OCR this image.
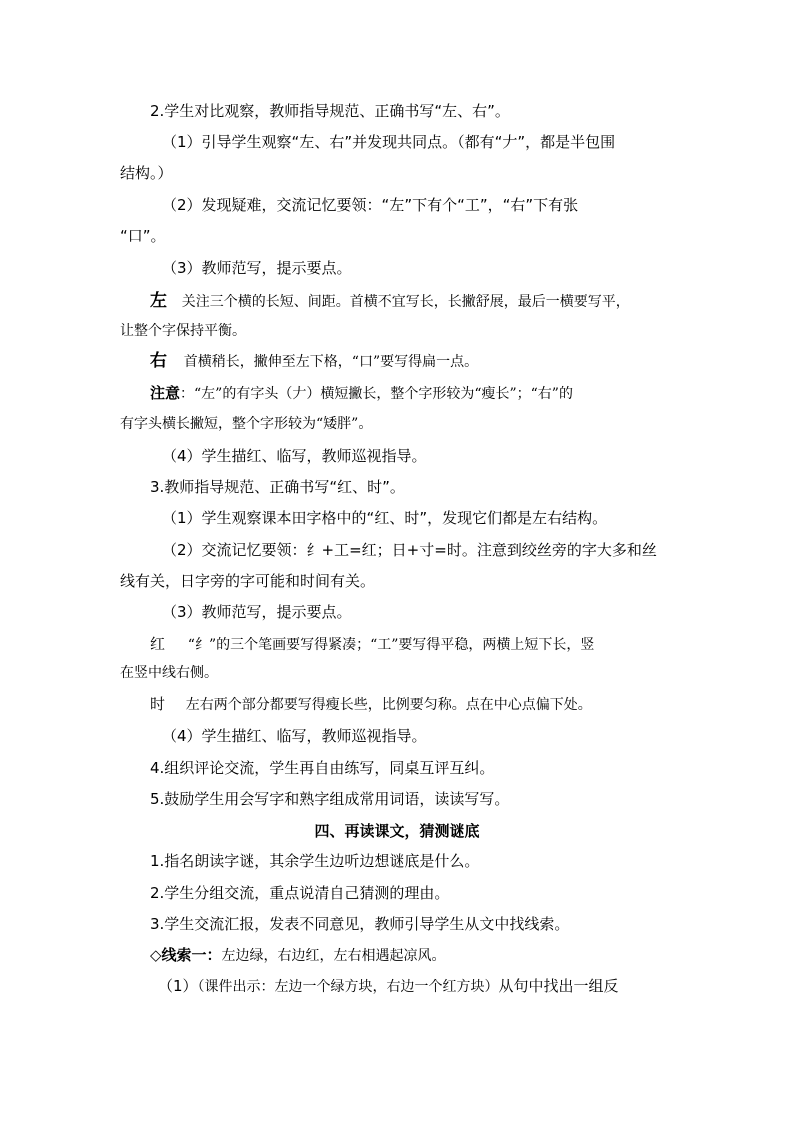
2.学生对比观察，教师指导规范、正确书写“左、右”。
（1）引导学生观察“左、右”并发现共同点。（都有“𠂇”，都是半包围
结构。）
（2）发现疑难，交流记忆要领：“左”下有个“工”，“右”下有张
“口”。
（3）教师范写，提示要点。
左 关注三个横的长短、间距。首横不宜写长，长撇舒展，最后一横要写平，
让整个字保持平衡。
右 首横稍长，撇伸至左下格，“口”要写得扁一点。
注意：“左”的有字头（𠂇）横短撇长，整个字形较为“瘦长”；“右”的
有字头横长撇短，整个字形较为“矮胖”。
（4）学生描红、临写，教师巡视指导。
3.教师指导规范、正确书写“红、时”。
（1）学生观察课本田字格中的“红、时”，发现它们都是左右结构。
（2）交流记忆要领：纟+工=红；日+寸=时。注意到绞丝旁的字大多和丝
线有关，日字旁的字可能和时间有关。
（3）教师范写，提示要点。
红 “纟”的三个笔画要写得紧凑；“工”要写得平稳，两横上短下长，竖
在竖中线右侧。
时 左右两个部分都要写得瘦长些，比例要匀称。点在中心点偏下处。
（4）学生描红、临写，教师巡视指导。
4.组织评论交流，学生再自由练写，同桌互评互纠。
5.鼓励学生用会写字和熟字组成常用词语，读读写写。
四、再读课文，猜测谜底
1.指名朗读字谜，其余学生边听边想谜底是什么。
2.学生分组交流，重点说清自己猜测的理由。
3.学生交流汇报，发表不同意见，教师引导学生从文中找线索。
◇线索一：左边绿，右边红，左右相遇起凉风。
（1）（课件出示：左边一个绿方块，右边一个红方块）从句中找出一组反
